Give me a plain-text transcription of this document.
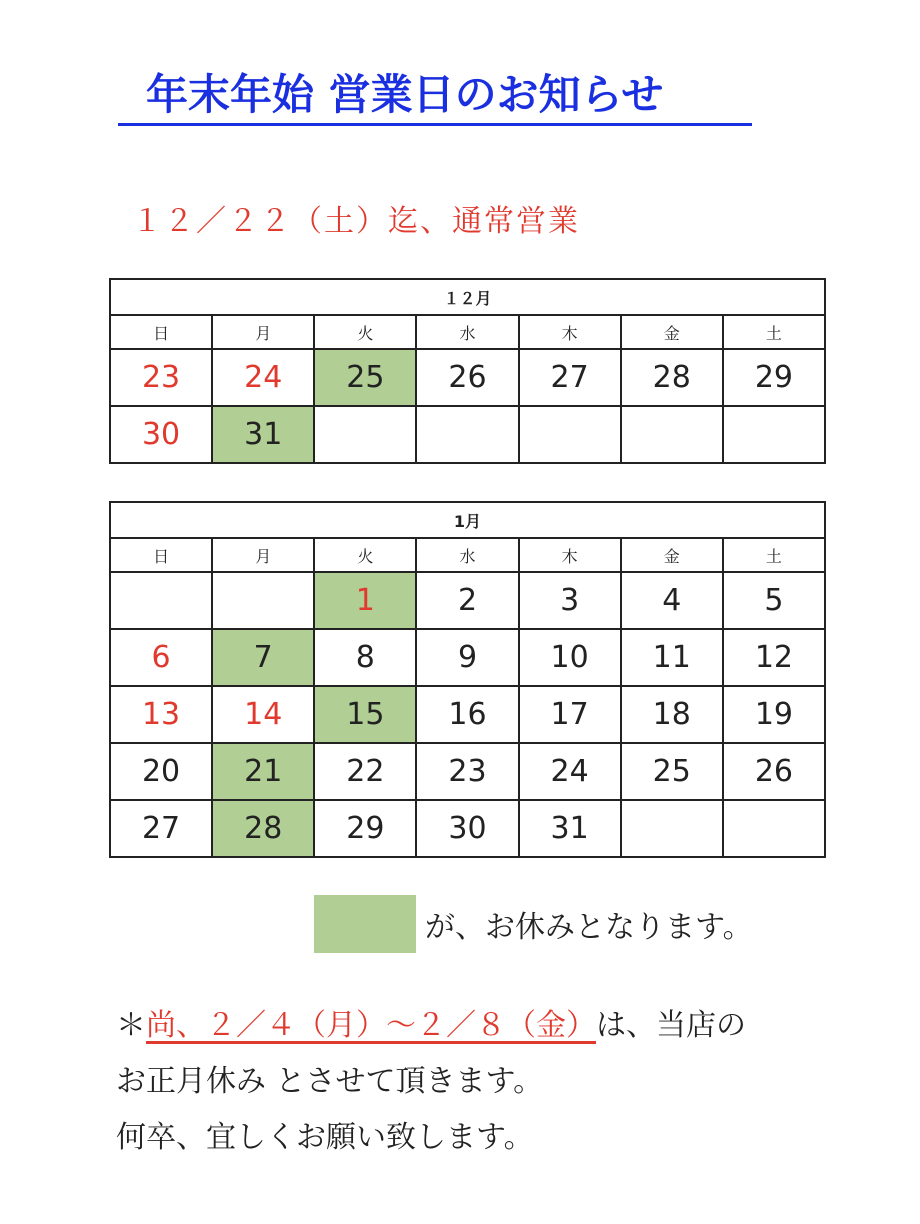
年末年始 営業日のお知らせ
１２／２２（土）迄、通常営業
１２月						
日	月	火	水	木	金	土
23	24	25	26	27	28	29
30	31					
1月						
日	月	火	水	木	金	土
		1	2	3	4	5
6	7	8	9	10	11	12
13	14	15	16	17	18	19
20	21	22	23	24	25	26
27	28	29	30	31		
が、お休みとなります。
＊尚、２／４（月）～２／８（金）は、当店の
お正月休み とさせて頂きます。
何卒、宜しくお願い致します。
